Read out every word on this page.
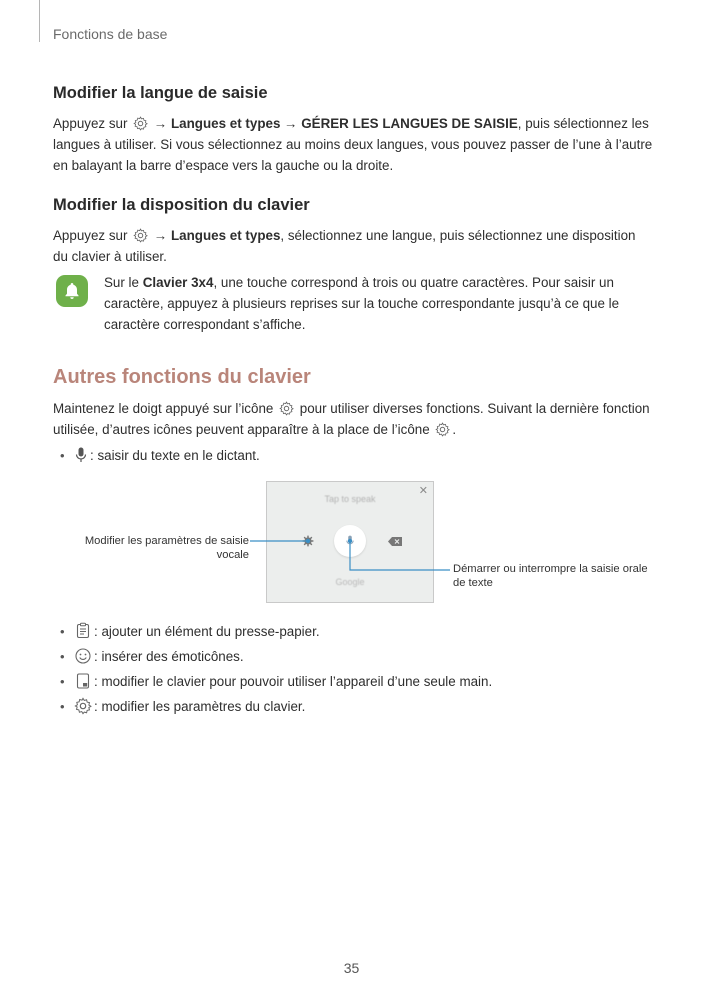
Fonctions de base
Modifier la langue de saisie

Appuyez sur  → Langues et types → GÉRER LES LANGUES DE SAISIE, puis sélectionnez les langues à utiliser. Si vous sélectionnez au moins deux langues, vous pouvez passer de l’une à l’autre en balayant la barre d’espace vers la gauche ou la droite.

Modifier la disposition du clavier

Appuyez sur  → Langues et types, sélectionnez une langue, puis sélectionnez une disposition du clavier à utiliser.

Sur le Clavier 3x4, une touche correspond à trois ou quatre caractères. Pour saisir un caractère, appuyez à plusieurs reprises sur la touche correspondante jusqu’à ce que le caractère correspondant s’affiche.

Autres fonctions du clavier

Maintenez le doigt appuyé sur l’icône  pour utiliser diverses fonctions. Suivant la dernière fonction utilisée, d’autres icônes peuvent apparaître à la place de l’icône .

•	: saisir du texte en le dictant.
✕
Tap to speak
Google
Modifier les paramètres de saisie vocale
Démarrer ou interrompre la saisie orale de texte
•	: ajouter un élément du presse-papier.
•	: insérer des émoticônes.
•	: modifier le clavier pour pouvoir utiliser l’appareil d’une seule main.
•	: modifier les paramètres du clavier.
35
